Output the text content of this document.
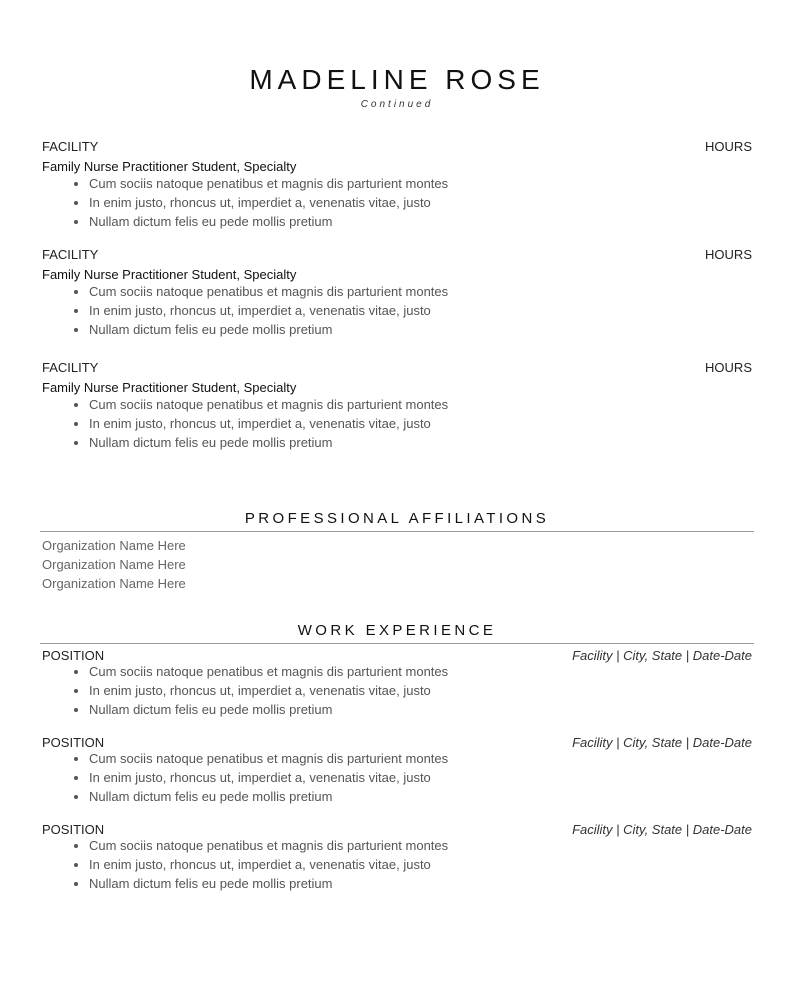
MADELINE ROSE
Continued
FACILITY	HOURS
Family Nurse Practitioner Student, Specialty
• Cum sociis natoque penatibus et magnis dis parturient montes
• In enim justo, rhoncus ut, imperdiet a, venenatis vitae, justo
• Nullam dictum felis eu pede mollis pretium
FACILITY	HOURS
Family Nurse Practitioner Student, Specialty
• Cum sociis natoque penatibus et magnis dis parturient montes
• In enim justo, rhoncus ut, imperdiet a, venenatis vitae, justo
• Nullam dictum felis eu pede mollis pretium
FACILITY	HOURS
Family Nurse Practitioner Student, Specialty
• Cum sociis natoque penatibus et magnis dis parturient montes
• In enim justo, rhoncus ut, imperdiet a, venenatis vitae, justo
• Nullam dictum felis eu pede mollis pretium
PROFESSIONAL AFFILIATIONS
Organization Name Here
Organization Name Here
Organization Name Here
WORK EXPERIENCE
POSITION	Facility | City, State | Date-Date
• Cum sociis natoque penatibus et magnis dis parturient montes
• In enim justo, rhoncus ut, imperdiet a, venenatis vitae, justo
• Nullam dictum felis eu pede mollis pretium
POSITION	Facility | City, State | Date-Date
• Cum sociis natoque penatibus et magnis dis parturient montes
• In enim justo, rhoncus ut, imperdiet a, venenatis vitae, justo
• Nullam dictum felis eu pede mollis pretium
POSITION	Facility | City, State | Date-Date
• Cum sociis natoque penatibus et magnis dis parturient montes
• In enim justo, rhoncus ut, imperdiet a, venenatis vitae, justo
• Nullam dictum felis eu pede mollis pretium
